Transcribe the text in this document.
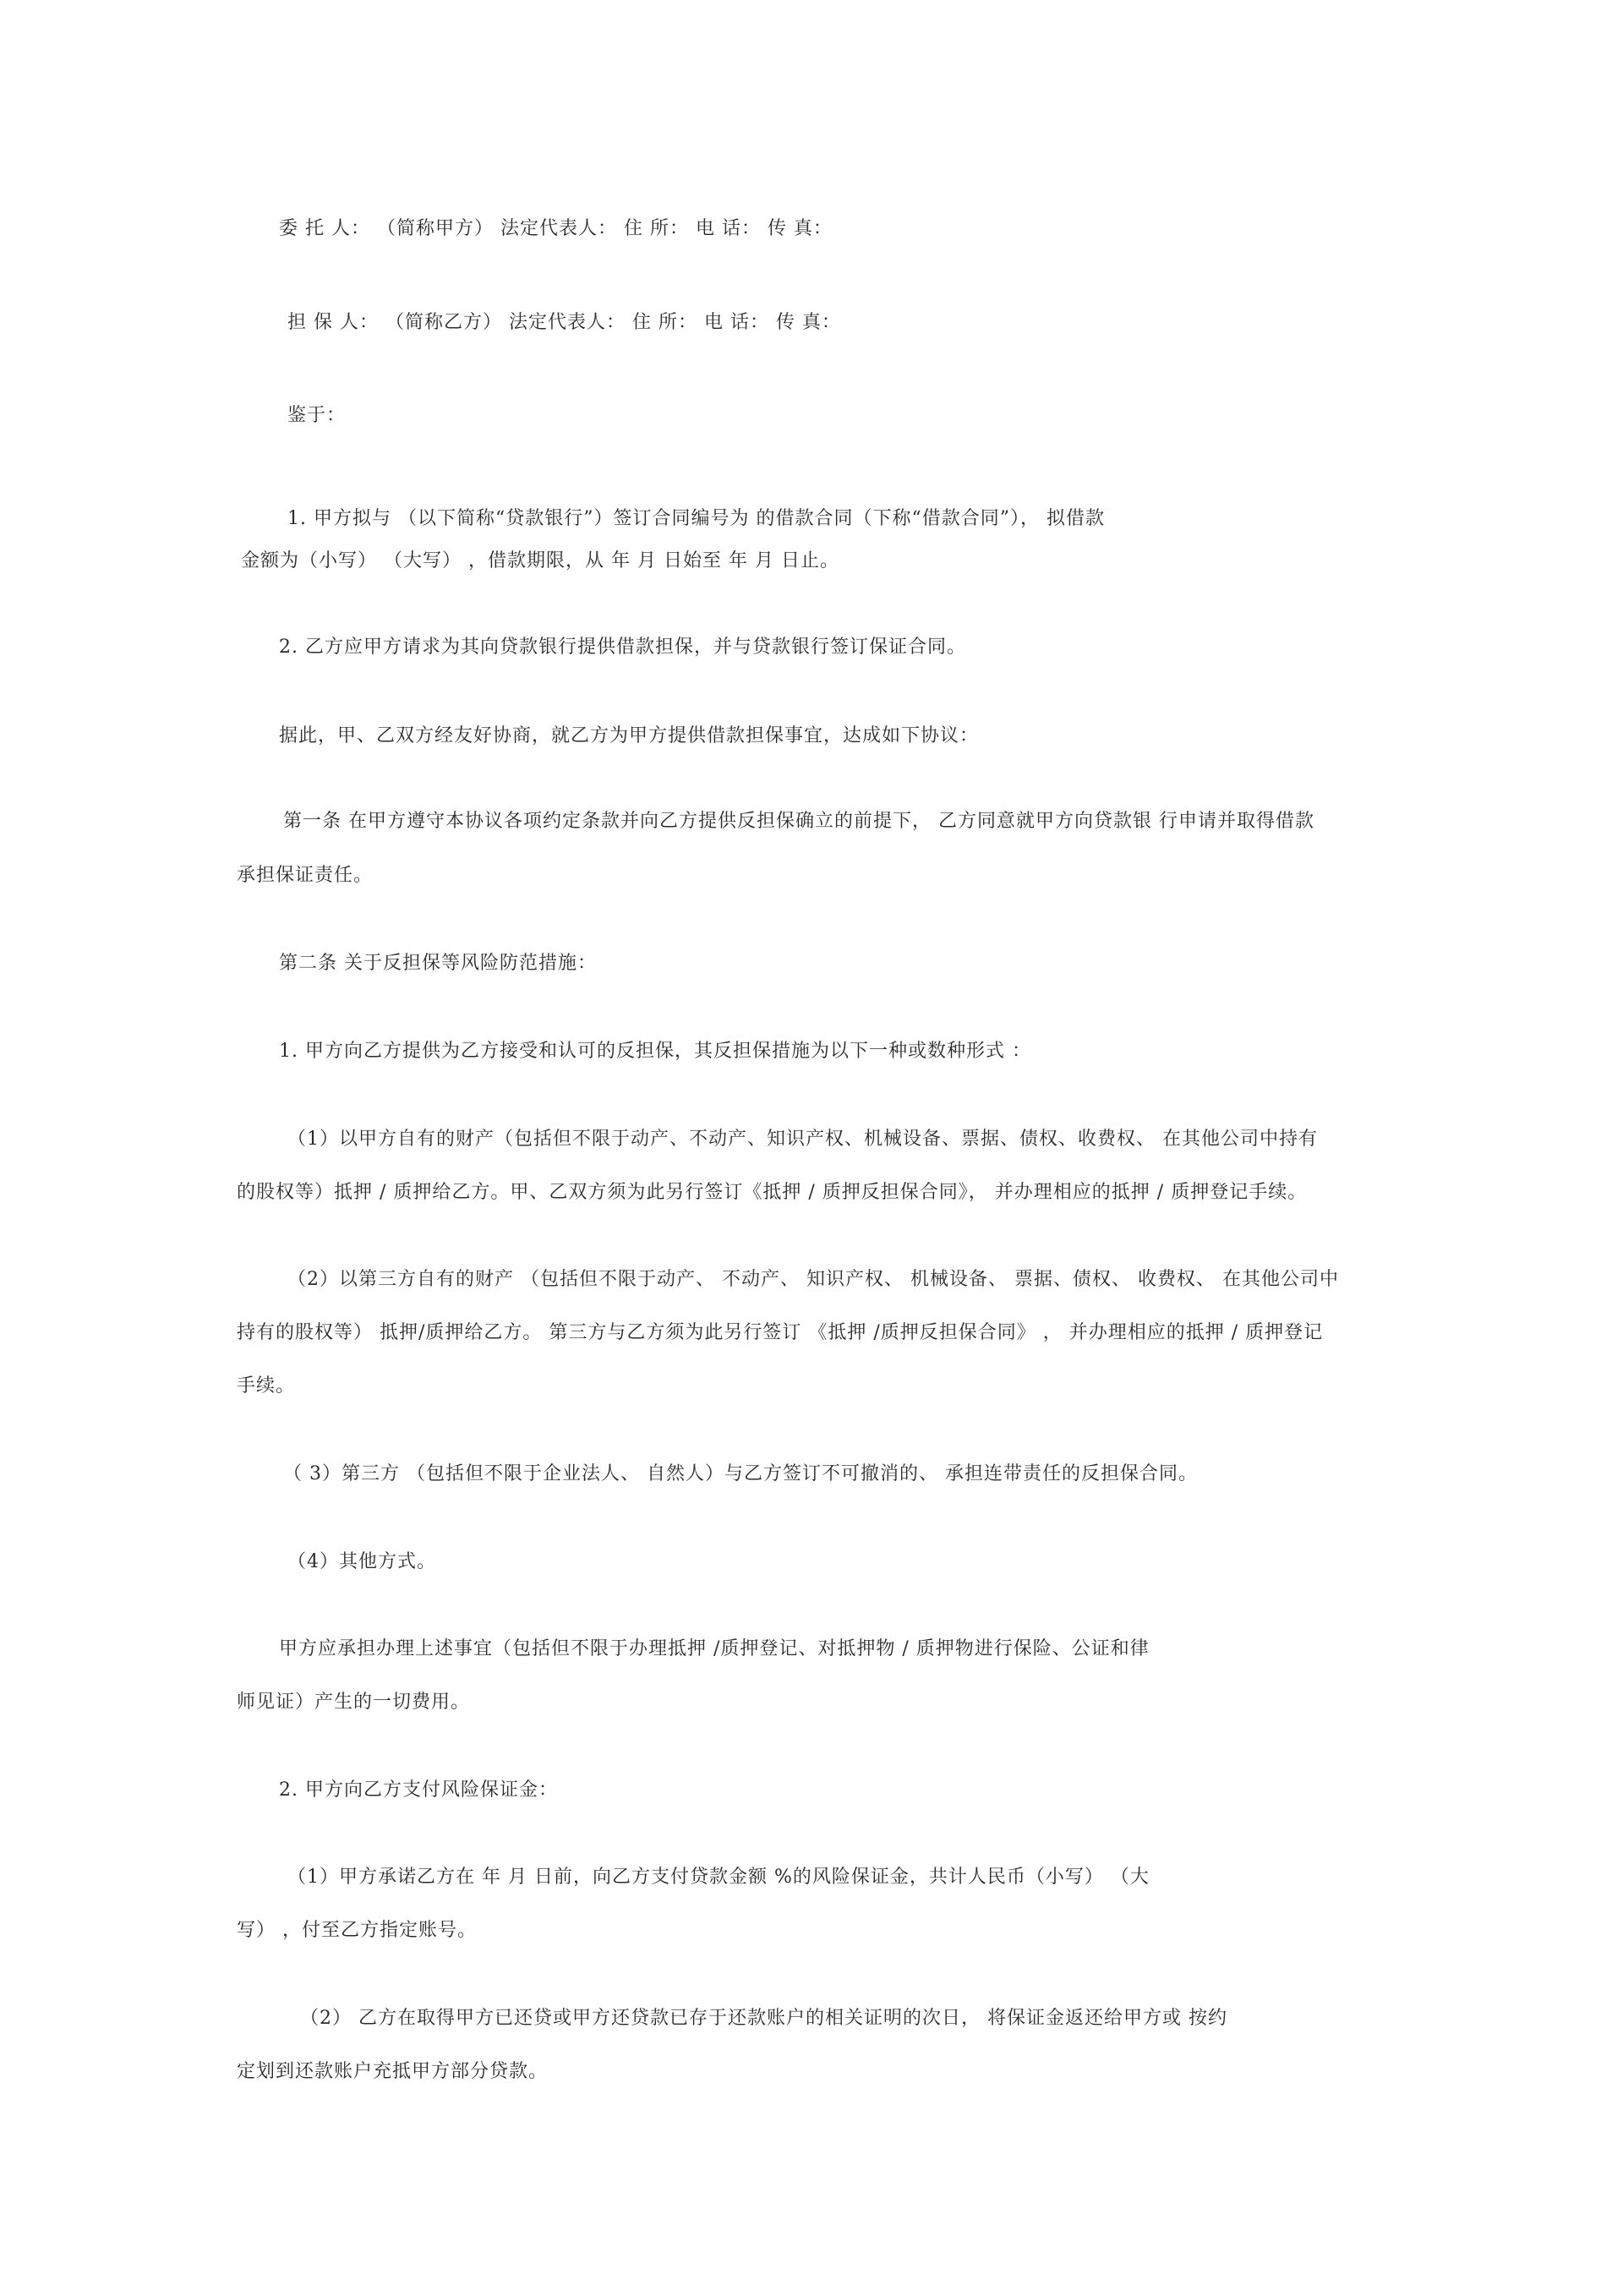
委 托 人： （简称甲方） 法定代表人： 住 所： 电 话： 传 真：
担 保 人： （简称乙方） 法定代表人： 住 所： 电 话： 传 真：
鉴于：
1. 甲方拟与 （以下简称“贷款银行”）签订合同编号为 的借款合同（下称“借款合同”）， 拟借款
金额为（小写） （大写） ，借款期限，从 年 月 日始至 年 月 日止。
2. 乙方应甲方请求为其向贷款银行提供借款担保，并与贷款银行签订保证合同。
据此，甲、乙双方经友好协商，就乙方为甲方提供借款担保事宜，达成如下协议：
第一条 在甲方遵守本协议各项约定条款并向乙方提供反担保确立的前提下， 乙方同意就甲方向贷款银 行申请并取得借款
承担保证责任。
第二条 关于反担保等风险防范措施：
1. 甲方向乙方提供为乙方接受和认可的反担保，其反担保措施为以下一种或数种形式 ：
（1）以甲方自有的财产（包括但不限于动产、不动产、知识产权、机械设备、票据、债权、收费权、 在其他公司中持有
的股权等）抵押 / 质押给乙方。甲、乙双方须为此另行签订《抵押 / 质押反担保合同》， 并办理相应的抵押 / 质押登记手续。
（2）以第三方自有的财产 （包括但不限于动产、 不动产、 知识产权、 机械设备、 票据、债权、 收费权、 在其他公司中
持有的股权等） 抵押/质押给乙方。 第三方与乙方须为此另行签订 《抵押 /质押反担保合同》 ， 并办理相应的抵押 / 质押登记
手续。
（ 3）第三方 （包括但不限于企业法人、 自然人）与乙方签订不可撤消的、 承担连带责任的反担保合同。
（4）其他方式。
甲方应承担办理上述事宜（包括但不限于办理抵押 /质押登记、对抵押物 / 质押物进行保险、公证和律
师见证）产生的一切费用。
2. 甲方向乙方支付风险保证金：
（1）甲方承诺乙方在 年 月 日前，向乙方支付贷款金额 %的风险保证金，共计人民币（小写） （大
写） ，付至乙方指定账号。
（2） 乙方在取得甲方已还贷或甲方还贷款已存于还款账户的相关证明的次日， 将保证金返还给甲方或 按约
定划到还款账户充抵甲方部分贷款。
